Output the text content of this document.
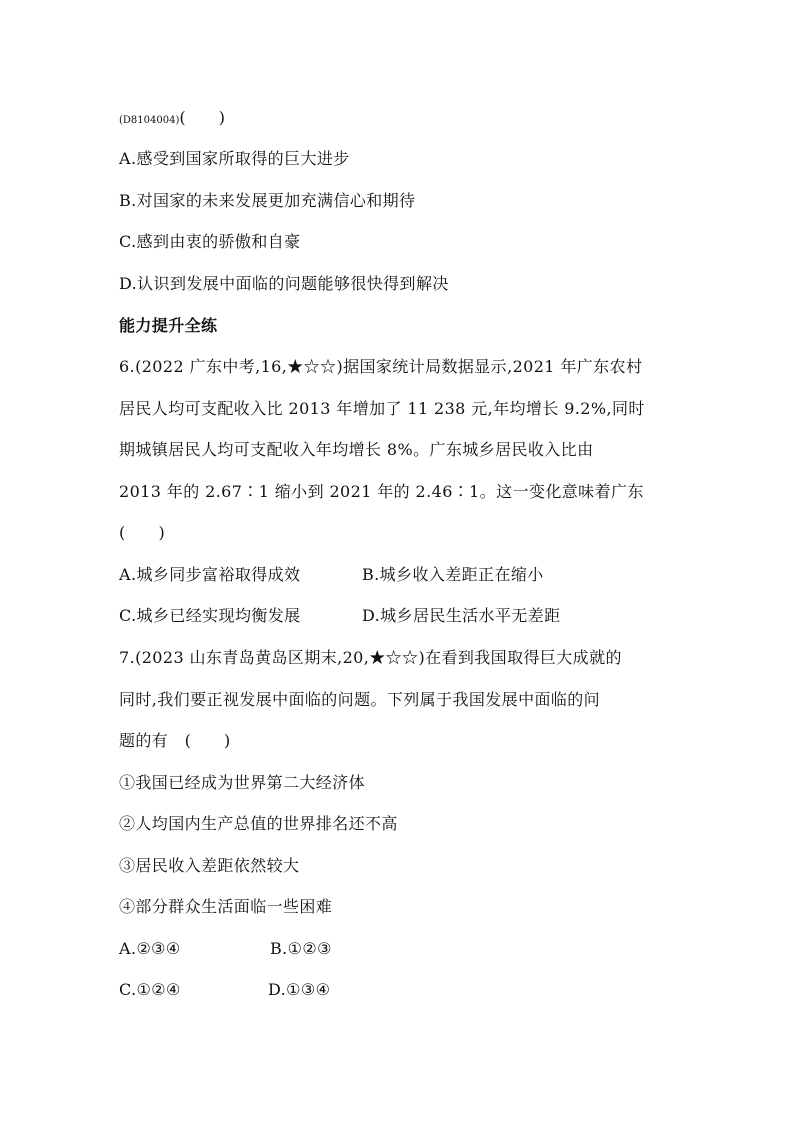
(D8104004)(　　)
A.感受到国家所取得的巨大进步
B.对国家的未来发展更加充满信心和期待
C.感到由衷的骄傲和自豪
D.认识到发展中面临的问题能够很快得到解决
能力提升全练
6.(2022 广东中考,16,★☆☆)据国家统计局数据显示,2021 年广东农村
居民人均可支配收入比 2013 年增加了 11 238 元,年均增长 9.2%,同时
期城镇居民人均可支配收入年均增长 8%。广东城乡居民收入比由
2013 年的 2.67∶1 缩小到 2021 年的 2.46∶1。这一变化意味着广东
(　　)
A.城乡同步富裕取得成效	B.城乡收入差距正在缩小
C.城乡已经实现均衡发展	D.城乡居民生活水平无差距
7.(2023 山东青岛黄岛区期末,20,★☆☆)在看到我国取得巨大成就的
同时,我们要正视发展中面临的问题。下列属于我国发展中面临的问
题的有　(　　)
①我国已经成为世界第二大经济体
②人均国内生产总值的世界排名还不高
③居民收入差距依然较大
④部分群众生活面临一些困难
A.②③④	B.①②③
C.①②④	D.①③④
